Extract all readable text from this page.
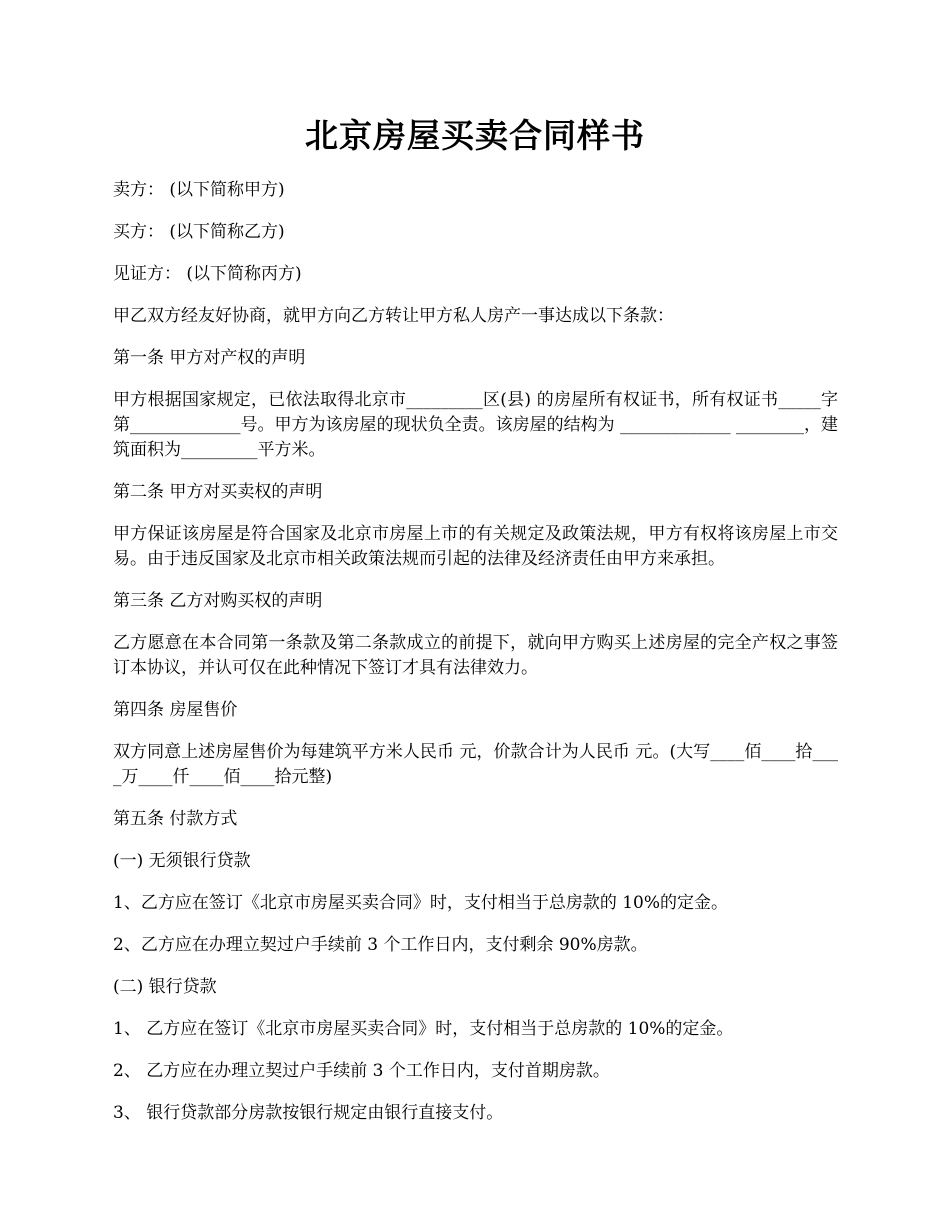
北京房屋买卖合同样书

卖方： (以下简称甲方)

买方： (以下简称乙方)

见证方： (以下简称丙方)

甲乙双方经友好协商，就甲方向乙方转让甲方私人房产一事达成以下条款：

第一条 甲方对产权的声明

甲方根据国家规定，已依法取得北京市_________区(县) 的房屋所有权证书，所有权证书_____字第_____________号。甲方为该房屋的现状负全责。该房屋的结构为 _____________ ________，建筑面积为_________平方米。

第二条 甲方对买卖权的声明

甲方保证该房屋是符合国家及北京市房屋上市的有关规定及政策法规，甲方有权将该房屋上市交易。由于违反国家及北京市相关政策法规而引起的法律及经济责任由甲方来承担。

第三条 乙方对购买权的声明

乙方愿意在本合同第一条款及第二条款成立的前提下，就向甲方购买上述房屋的完全产权之事签订本协议，并认可仅在此种情况下签订才具有法律效力。

第四条 房屋售价

双方同意上述房屋售价为每建筑平方米人民币 元，价款合计为人民币 元。(大写____佰____拾____万____仟____佰____拾元整)

第五条 付款方式

(一) 无须银行贷款

1、乙方应在签订《北京市房屋买卖合同》时，支付相当于总房款的 10%的定金。

2、乙方应在办理立契过户手续前 3 个工作日内，支付剩余 90%房款。

(二) 银行贷款

1、 乙方应在签订《北京市房屋买卖合同》时，支付相当于总房款的 10%的定金。

2、 乙方应在办理立契过户手续前 3 个工作日内，支付首期房款。

3、 银行贷款部分房款按银行规定由银行直接支付。
